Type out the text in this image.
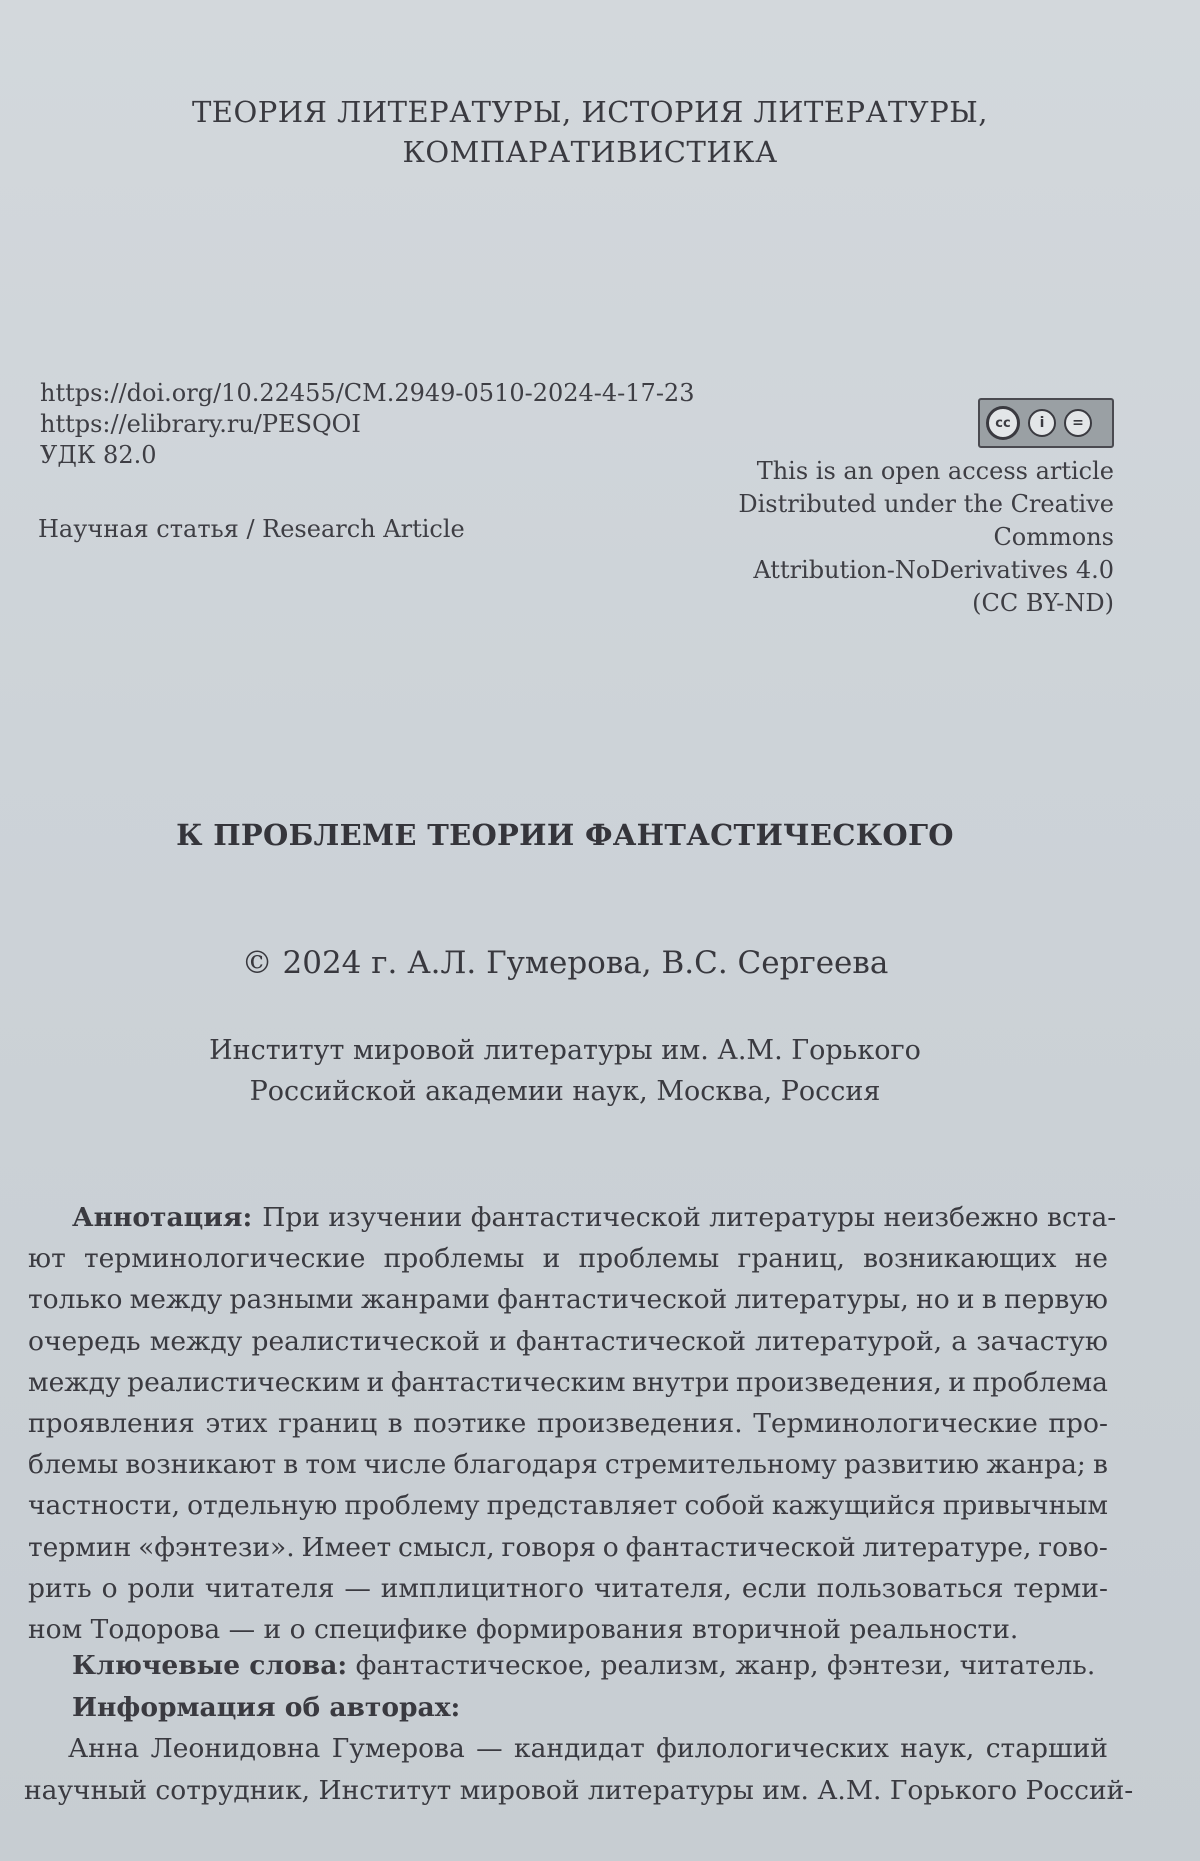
ТЕОРИЯ ЛИТЕРАТУРЫ, ИСТОРИЯ ЛИТЕРАТУРЫ,
КОМПАРАТИВИСТИКА
https://doi.org/10.22455/CM.2949-0510-2024-4-17-23
https://elibrary.ru/PESQOI
УДК 82.0
Научная статья / Research Article
cc	i	=
This is an open access article
Distributed under the Creative
Commons
Attribution-NoDerivatives 4.0
(CC BY-ND)
К ПРОБЛЕМЕ ТЕОРИИ ФАНТАСТИЧЕСКОГО
© 2024 г. А.Л. Гумерова, В.С. Сергеева
Институт мировой литературы им. А.М. Горького
Российской академии наук, Москва, Россия
Аннотация: При изучении фантастической литературы неизбежно вста-
ют терминологические проблемы и проблемы границ, возникающих не
только между разными жанрами фантастической литературы, но и в первую
очередь между реалистической и фантастической литературой, а зачастую
между реалистическим и фантастическим внутри произведения, и проблема
проявления этих границ в поэтике произведения. Терминологические про-
блемы возникают в том числе благодаря стремительному развитию жанра; в
частности, отдельную проблему представляет собой кажущийся привычным
термин «фэнтези». Имеет смысл, говоря о фантастической литературе, гово-
рить о роли читателя — имплицитного читателя, если пользоваться терми-
ном Тодорова — и о специфике формирования вторичной реальности.
Ключевые слова: фантастическое, реализм, жанр, фэнтези, читатель.
Информация об авторах:
Анна Леонидовна Гумерова — кандидат филологических наук, старший
научный сотрудник, Институт мировой литературы им. А.М. Горького Россий-
